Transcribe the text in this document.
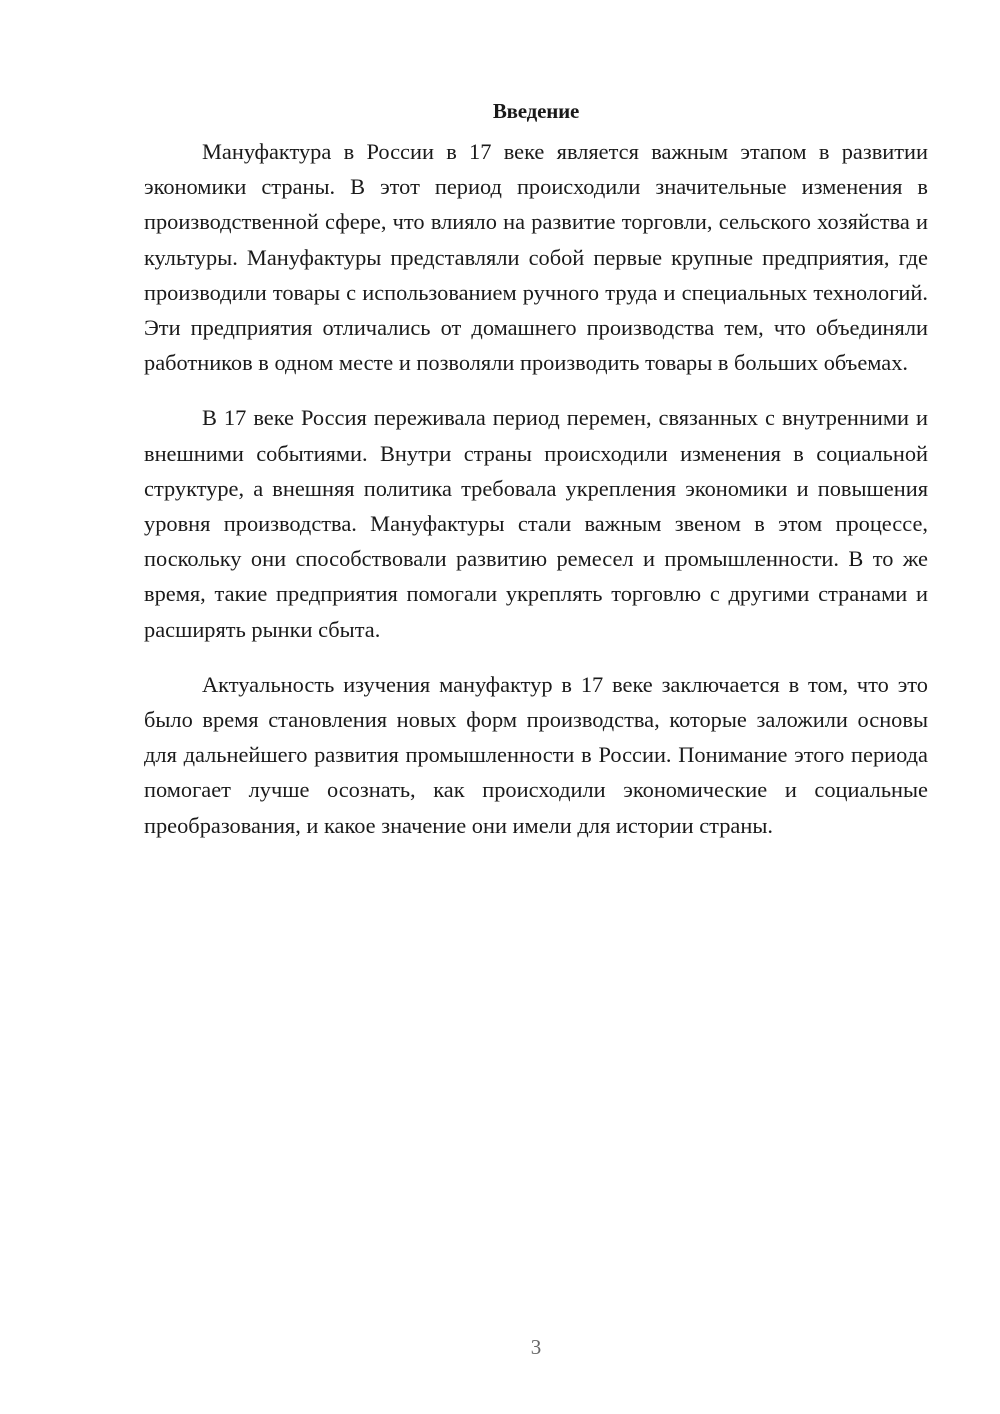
Введение

Мануфактура в России в 17 веке является важным этапом в развитии экономики страны. В этот период происходили значительные изменения в производственной сфере, что влияло на развитие торговли, сельского хозяйства и культуры. Мануфактуры представляли собой первые крупные предприятия, где производили товары с использованием ручного труда и специальных технологий. Эти предприятия отличались от домашнего производства тем, что объединяли работников в одном месте и позволяли производить товары в больших объемах.

В 17 веке Россия переживала период перемен, связанных с внутренними и внешними событиями. Внутри страны происходили изменения в социальной структуре, а внешняя политика требовала укрепления экономики и повышения уровня производства. Мануфактуры стали важным звеном в этом процессе, поскольку они способствовали развитию ремесел и промышленности. В то же время, такие предприятия помогали укреплять торговлю с другими странами и расширять рынки сбыта.

Актуальность изучения мануфактур в 17 веке заключается в том, что это было время становления новых форм производства, которые заложили основы для дальнейшего развития промышленности в России. Понимание этого периода помогает лучше осознать, как происходили экономические и социальные преобразования, и какое значение они имели для истории страны.

3
